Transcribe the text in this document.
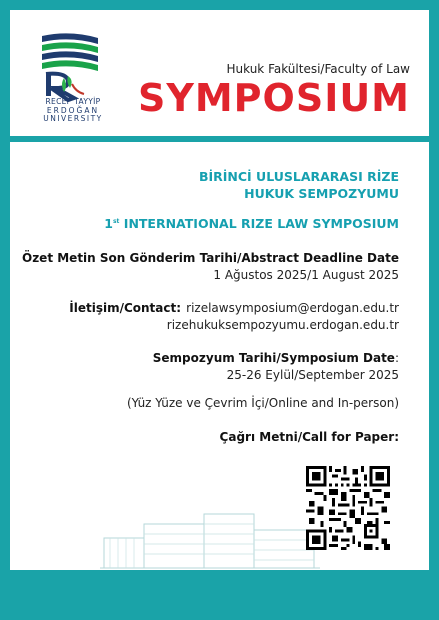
RECEP TAYYİP
ERDOĞAN
UNIVERSITY
Hukuk Fakültesi/Faculty of Law
SYMPOSIUM
BİRİNCİ ULUSLARARASI RİZE
HUKUK SEMPOZYUMU
1st INTERNATIONAL RIZE LAW SYMPOSIUM
Özet Metin Son Gönderim Tarihi/Abstract Deadline Date
1 Ağustos 2025/1 August 2025
İletişim/Contact: rizelawsymposium@erdogan.edu.tr
rizehukuksempozyumu.erdogan.edu.tr
Sempozyum Tarihi/Symposium Date:
25-26 Eylül/September 2025
(Yüz Yüze ve Çevrim İçi/Online and In-person)
Çağrı Metni/Call for Paper:
